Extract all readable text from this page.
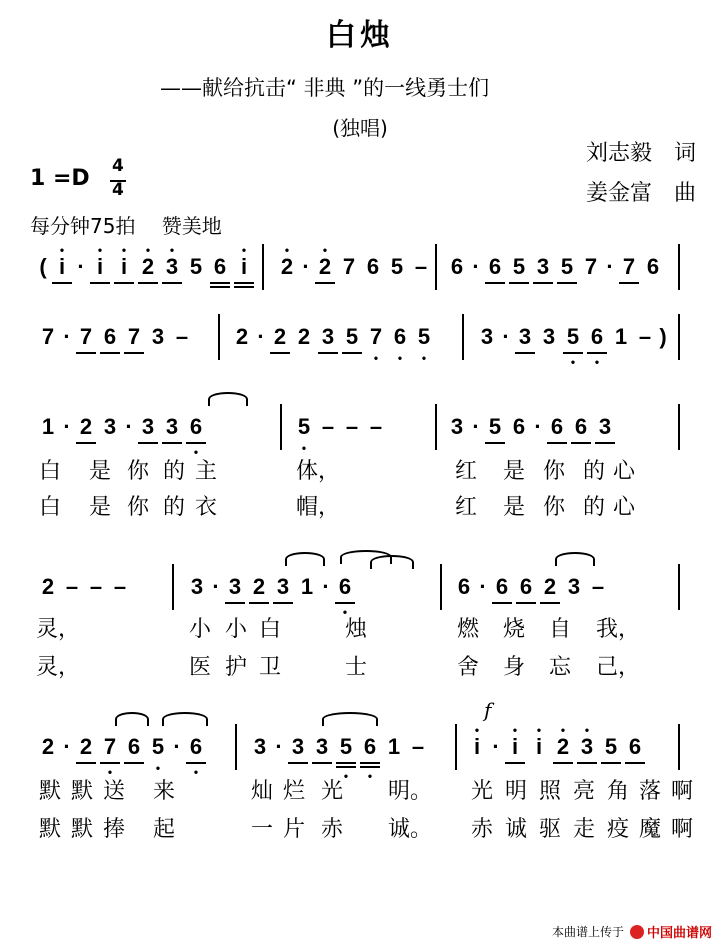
白烛
——献给抗击“ 非典 ”的一线勇士们
(独唱)
刘志毅　词
姜金富　曲
1 =D 4
4
每分钟75拍　 赞美地
( i
•
· i
•
i
•
2
•
3
•
5 6 i
•
2
•
· 2
•
7 6 5 – 6 · 6 5 3 5 7 · 7 6
7 · 7 6 7 3 – 2 · 2 2 3 5 7
•
6
•
5
•
3 · 3 3 5
•
6
•
1 – )
1 · 2 3 · 3 3 6
•
5
•
– – –	3 · 5 6 · 6 6 3
2 – – –	3 · 3 2 3 1 · 6
•
6 · 6 6 2 3 –
2 · 2 7
•
6 5
•
· 6
•
3 · 3 3 5
•
6
•
1 –	i
•
· i
•
i
•
2
•
3
•
5 6
白 是 你 的 主	体，	红 是 你 的 心
白 是 你 的 衣	帽，	红 是 你 的 心
灵，	小 小 白	烛	燃 烧 自 我，
灵，	医 护 卫	士	舍 身 忘 己，
默 默 送 来	灿 烂 光 明。 光 明 照 亮 角 落 啊
默 默 捧 起	一 片 赤 诚。 赤 诚 驱 走 疫 魔 啊
f
本曲谱上传于 中国曲谱网
